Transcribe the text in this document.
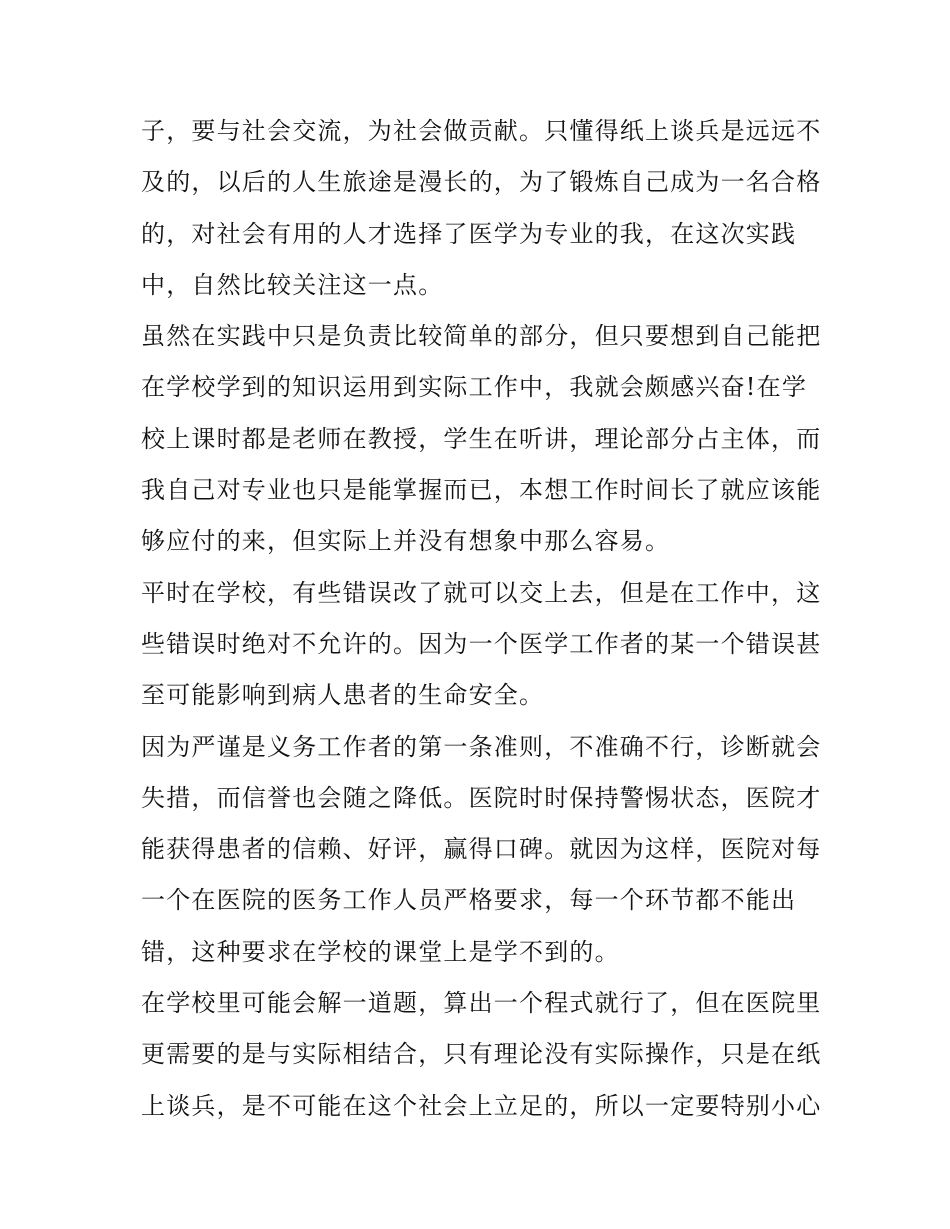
子，要与社会交流，为社会做贡献。只懂得纸上谈兵是远远不
及的，以后的人生旅途是漫长的，为了锻炼自己成为一名合格
的，对社会有用的人才选择了医学为专业的我，在这次实践
中，自然比较关注这一点。
虽然在实践中只是负责比较简单的部分，但只要想到自己能把
在学校学到的知识运用到实际工作中，我就会颇感兴奋!在学
校上课时都是老师在教授，学生在听讲，理论部分占主体，而
我自己对专业也只是能掌握而已，本想工作时间长了就应该能
够应付的来，但实际上并没有想象中那么容易。
平时在学校，有些错误改了就可以交上去，但是在工作中，这
些错误时绝对不允许的。因为一个医学工作者的某一个错误甚
至可能影响到病人患者的生命安全。
因为严谨是义务工作者的第一条准则，不准确不行，诊断就会
失措，而信誉也会随之降低。医院时时保持警惕状态，医院才
能获得患者的信赖、好评，赢得口碑。就因为这样，医院对每
一个在医院的医务工作人员严格要求，每一个环节都不能出
错，这种要求在学校的课堂上是学不到的。
在学校里可能会解一道题，算出一个程式就行了，但在医院里
更需要的是与实际相结合，只有理论没有实际操作，只是在纸
上谈兵，是不可能在这个社会上立足的，所以一定要特别小心
